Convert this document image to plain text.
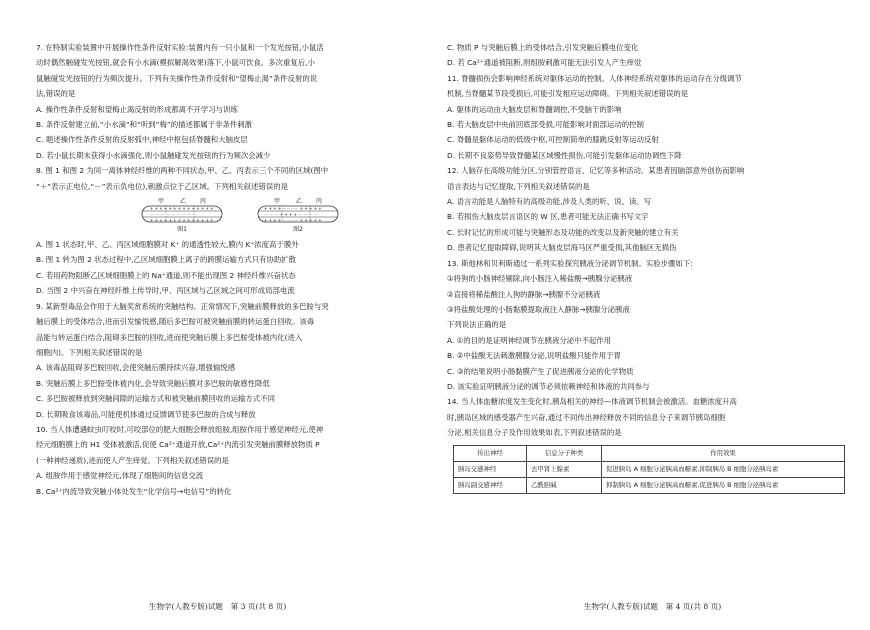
7. 在特制实验装置中开展操作性条件反射实验:装置内有一只小鼠和一个发光按钮,小鼠活

动时偶然触碰发光按钮,就会有小水滴(模拟解渴效果)落下,小鼠可饮食。多次重复后,小

鼠触碰发光按钮的行为频次提升。下列有关操作性条件反射和“望梅止渴”条件反射的说

法,错误的是

A. 操作性条件反射和望梅止渴反射的形成都离不开学习与训练

B. 条件反射建立前,“小水滴”和“听到”梅”的描述都属于非条件刺激

C. 题述操作性条件反射的反射弧中,神经中枢包括脊髓和大脑皮层

D. 若小鼠长期未获得小水滴强化,则小鼠触碰发光按钮的行为频次会减少

8. 图 1 和图 2 为同一离体神经纤维的两种不同状态,甲、乙、丙表示三个不同的区域(图中

“＋”表示正电位,“－”表示负电位),刺激点位于乙区域。下列相关叙述错误的是

甲	乙 丙
+ + + + + + + + + + + + + +
－ － － － － － － － －
+ + + + + + + + + + + + + +
图1
甲	乙 丙
+ + + + －－－－ + + + + +
－ － － + + + + － － － －
+ + + + －－－－ + + + + +
图2

A. 图 1 状态时,甲、乙、丙区域细胞膜对 K⁺ 的通透性较大,膜内 K⁺浓度高于膜外

B. 图 1 转为图 2 状态过程中,乙区域细胞膜上离子的跨膜运输方式只有协助扩散

C. 若用药物阻断乙区域细胞膜上的 Na⁺通道,则不能出现图 2 神经纤维兴奋状态

D. 当图 2 中兴奋在神经纤维上传导时,甲、丙区域与乙区域之间可形成局部电流

9. 某新型毒品会作用于大脑奖赏系统的突触结构。正常情况下,突触前膜释放的多巴胺与突

触后膜上的受体结合,进而引发愉悦感,随后多巴胺可被突触前膜的转运蛋白回收。该毒

品能与转运蛋白结合,阻碍多巴胺的回收,进而使突触后膜上多巴胺受体被内化(进入

细胞内)。下列相关叙述错误的是

A. 该毒品阻碍多巴胺回收,会使突触后膜持续兴奋,增强愉悦感

B. 突触后膜上多巴胺受体被内化,会导致突触后膜对多巴胺的敏感性降低

C. 多巴胺被释放到突触间隙的运输方式和被突触前膜回收的运输方式不同

D. 长期吸食该毒品,可能使机体通过反馈调节使多巴胺的合成与释放

10. 当人体遭遇蚊虫叮咬时,可咬部位的肥大细胞会释放组胺,组胺作用于感觉神经元,使神

经元细胞膜上的 H1 受体被激活,促使 Ca²⁺通道开放,Ca²⁺内流引发突触前膜释放物质 P

(一种神经递质),进而使人产生痒觉。下列相关叙述错误的是

A. 组胺作用于感觉神经元,体现了细胞间的信息交流

B. Ca²⁺内流导致突触小体处发生“化学信号→电信号”的转化

生物学(人教专版)试题　第 3 页(共 8 页)

C. 物质 P 与突触后膜上的受体结合,引发突触后膜电位变化

D. 若 Ca²⁺通道被阻断,则组胺刺激可能无法引发人产生痒觉

11. 脊髓损伤会影响神经系统对躯体运动的控制。人体神经系统对躯体的运动存在分级调节

机制,当脊髓某节段受损后,可能引发相应运动障碍。下列相关叙述错误的是

A. 躯体的运动由大脑皮层和脊髓调控,不受脑干的影响

B. 若大脑皮层中央前回底部受损,可能影响对面部运动的控制

C. 脊髓是躯体运动的低级中枢,可控制简单的膝跳反射等运动反射

D. 长期不良姿势导致脊髓某区域慢性损伤,可能引发躯体运动协调性下降

12. 人脑存在高级功能分区,分别管控语言、记忆等多种活动。某患者因脑部意外创伤而影响

语言表达与记忆提取,下列相关叙述错误的是

A. 语言功能是人脑特有的高级功能,涉及人类的听、说、读、写

B. 若损伤大脑皮层言语区的 W 区,患者可能无法正确书写文字

C. 长时记忆的形成可能与突触形态及功能的改变以及新突触的建立有关

D. 患者记忆提取障碍,说明其大脑皮层海马区严重受损,其他脑区无损伤

13. 斯他林和贝利斯通过一系列实验探究胰液分泌调节机制。实验步骤如下:

①将狗的小肠神经剔除,向小肠注入稀盐酸→胰腺分泌胰液

②直接将稀盐酸注入狗的静脉→胰腺不分泌胰液

③将盐酸处理的小肠黏膜提取液注入静脉→胰腺分泌胰液

下列说法正确的是

A. ①的目的是证明神经调节在胰液分泌中不起作用

B. ②中盐酸无法刺激胰腺分泌,说明盐酸只能作用于胃

C. ③的结果说明小肠黏膜产生了促进胰液分泌的化学物质

D. 该实验证明胰液分泌的调节必须依赖神经和体液的共同参与

14. 当人体血糖浓度发生变化时,胰岛相关的神经—体液调节机制会被激活。血糖浓度升高

时,胰岛区域的感受器产生兴奋,通过不同传出神经释放不同的信息分子来调节胰岛细胞

分泌,相关信息分子及作用效果如表,下列叙述错误的是

传出神经	信息分子种类	作用效果
胰岛交感神经	去甲肾上腺素	促进胰岛 A 细胞分泌胰高血糖素,抑制胰岛 B 细胞分泌胰岛素
胰岛副交感神经	乙酰胆碱	抑制胰岛 A 细胞分泌胰高血糖素,促进胰岛 B 细胞分泌胰岛素
生物学(人教专版)试题　第 4 页(共 8 页)
